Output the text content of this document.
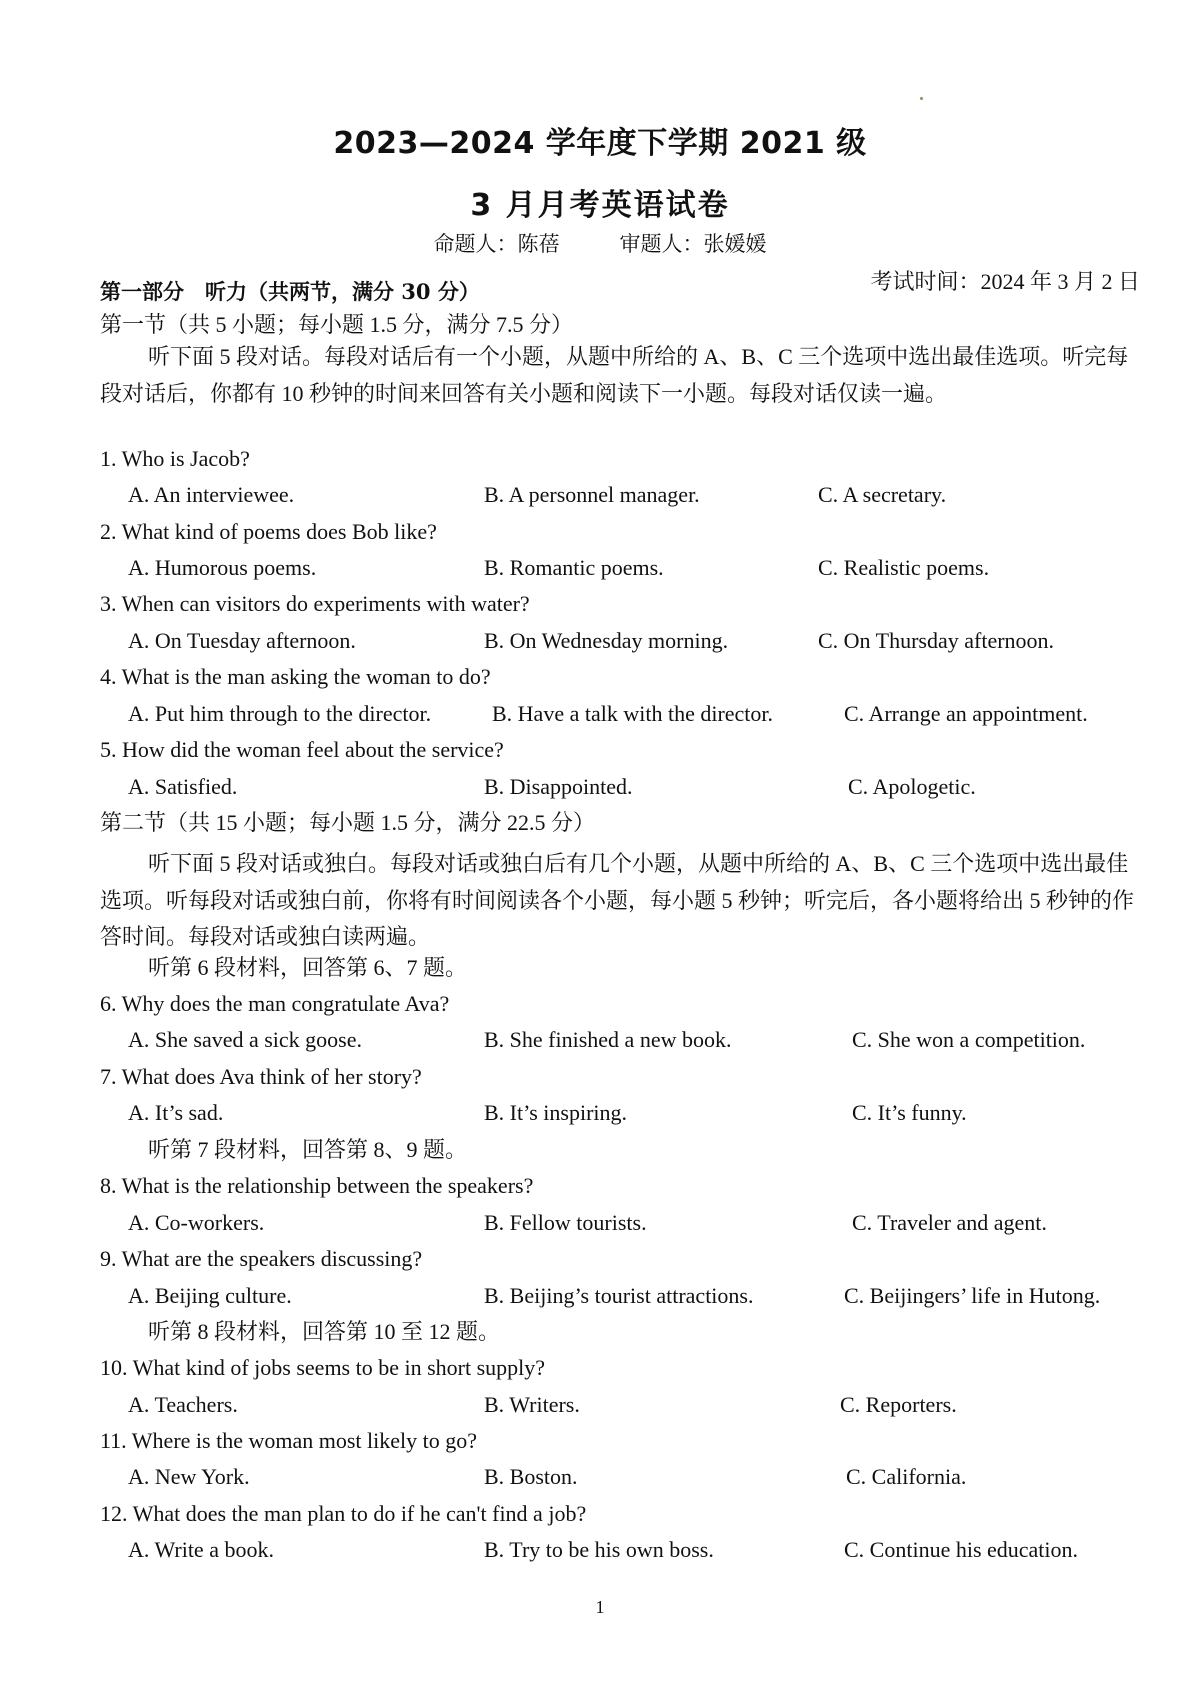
2023—2024 学年度下学期 2021 级
3 月月考英语试卷
命题人：陈蓓	审题人：张媛媛
考试时间：2024 年 3 月 2 日
第一部分　听力（共两节，满分 30 分）
第一节（共 5 小题；每小题 1.5 分，满分 7.5 分）
听下面 5 段对话。每段对话后有一个小题，从题中所给的 A、B、C 三个选项中选出最佳选项。听完每段对话后，你都有 10 秒钟的时间来回答有关小题和阅读下一小题。每段对话仅读一遍。
1. Who is Jacob?
A. An interviewee.	B. A personnel manager.	C. A secretary.
2. What kind of poems does Bob like?
A. Humorous poems.	B. Romantic poems.	C. Realistic poems.
3. When can visitors do experiments with water?
A. On Tuesday afternoon.	B. On Wednesday morning.	C. On Thursday afternoon.
4. What is the man asking the woman to do?
A. Put him through to the director.	B. Have a talk with the director.	C. Arrange an appointment.
5. How did the woman feel about the service?
A. Satisfied.	B. Disappointed.	C. Apologetic.
第二节（共 15 小题；每小题 1.5 分，满分 22.5 分）
听下面 5 段对话或独白。每段对话或独白后有几个小题，从题中所给的 A、B、C 三个选项中选出最佳选项。听每段对话或独白前，你将有时间阅读各个小题，每小题 5 秒钟；听完后，各小题将给出 5 秒钟的作答时间。每段对话或独白读两遍。
听第 6 段材料，回答第 6、7 题。
6. Why does the man congratulate Ava?
A. She saved a sick goose.	B. She finished a new book.	C. She won a competition.
7. What does Ava think of her story?
A. It’s sad.	B. It’s inspiring.	C. It’s funny.
听第 7 段材料，回答第 8、9 题。
8. What is the relationship between the speakers?
A. Co-workers.	B. Fellow tourists.	C. Traveler and agent.
9. What are the speakers discussing?
A. Beijing culture.	B. Beijing’s tourist attractions.	C. Beijingers’ life in Hutong.
听第 8 段材料，回答第 10 至 12 题。
10. What kind of jobs seems to be in short supply?
A. Teachers.	B. Writers.	C. Reporters.
11. Where is the woman most likely to go?
A. New York.	B. Boston.	C. California.
12. What does the man plan to do if he can't find a job?
A. Write a book.	B. Try to be his own boss.	C. Continue his education.
1
